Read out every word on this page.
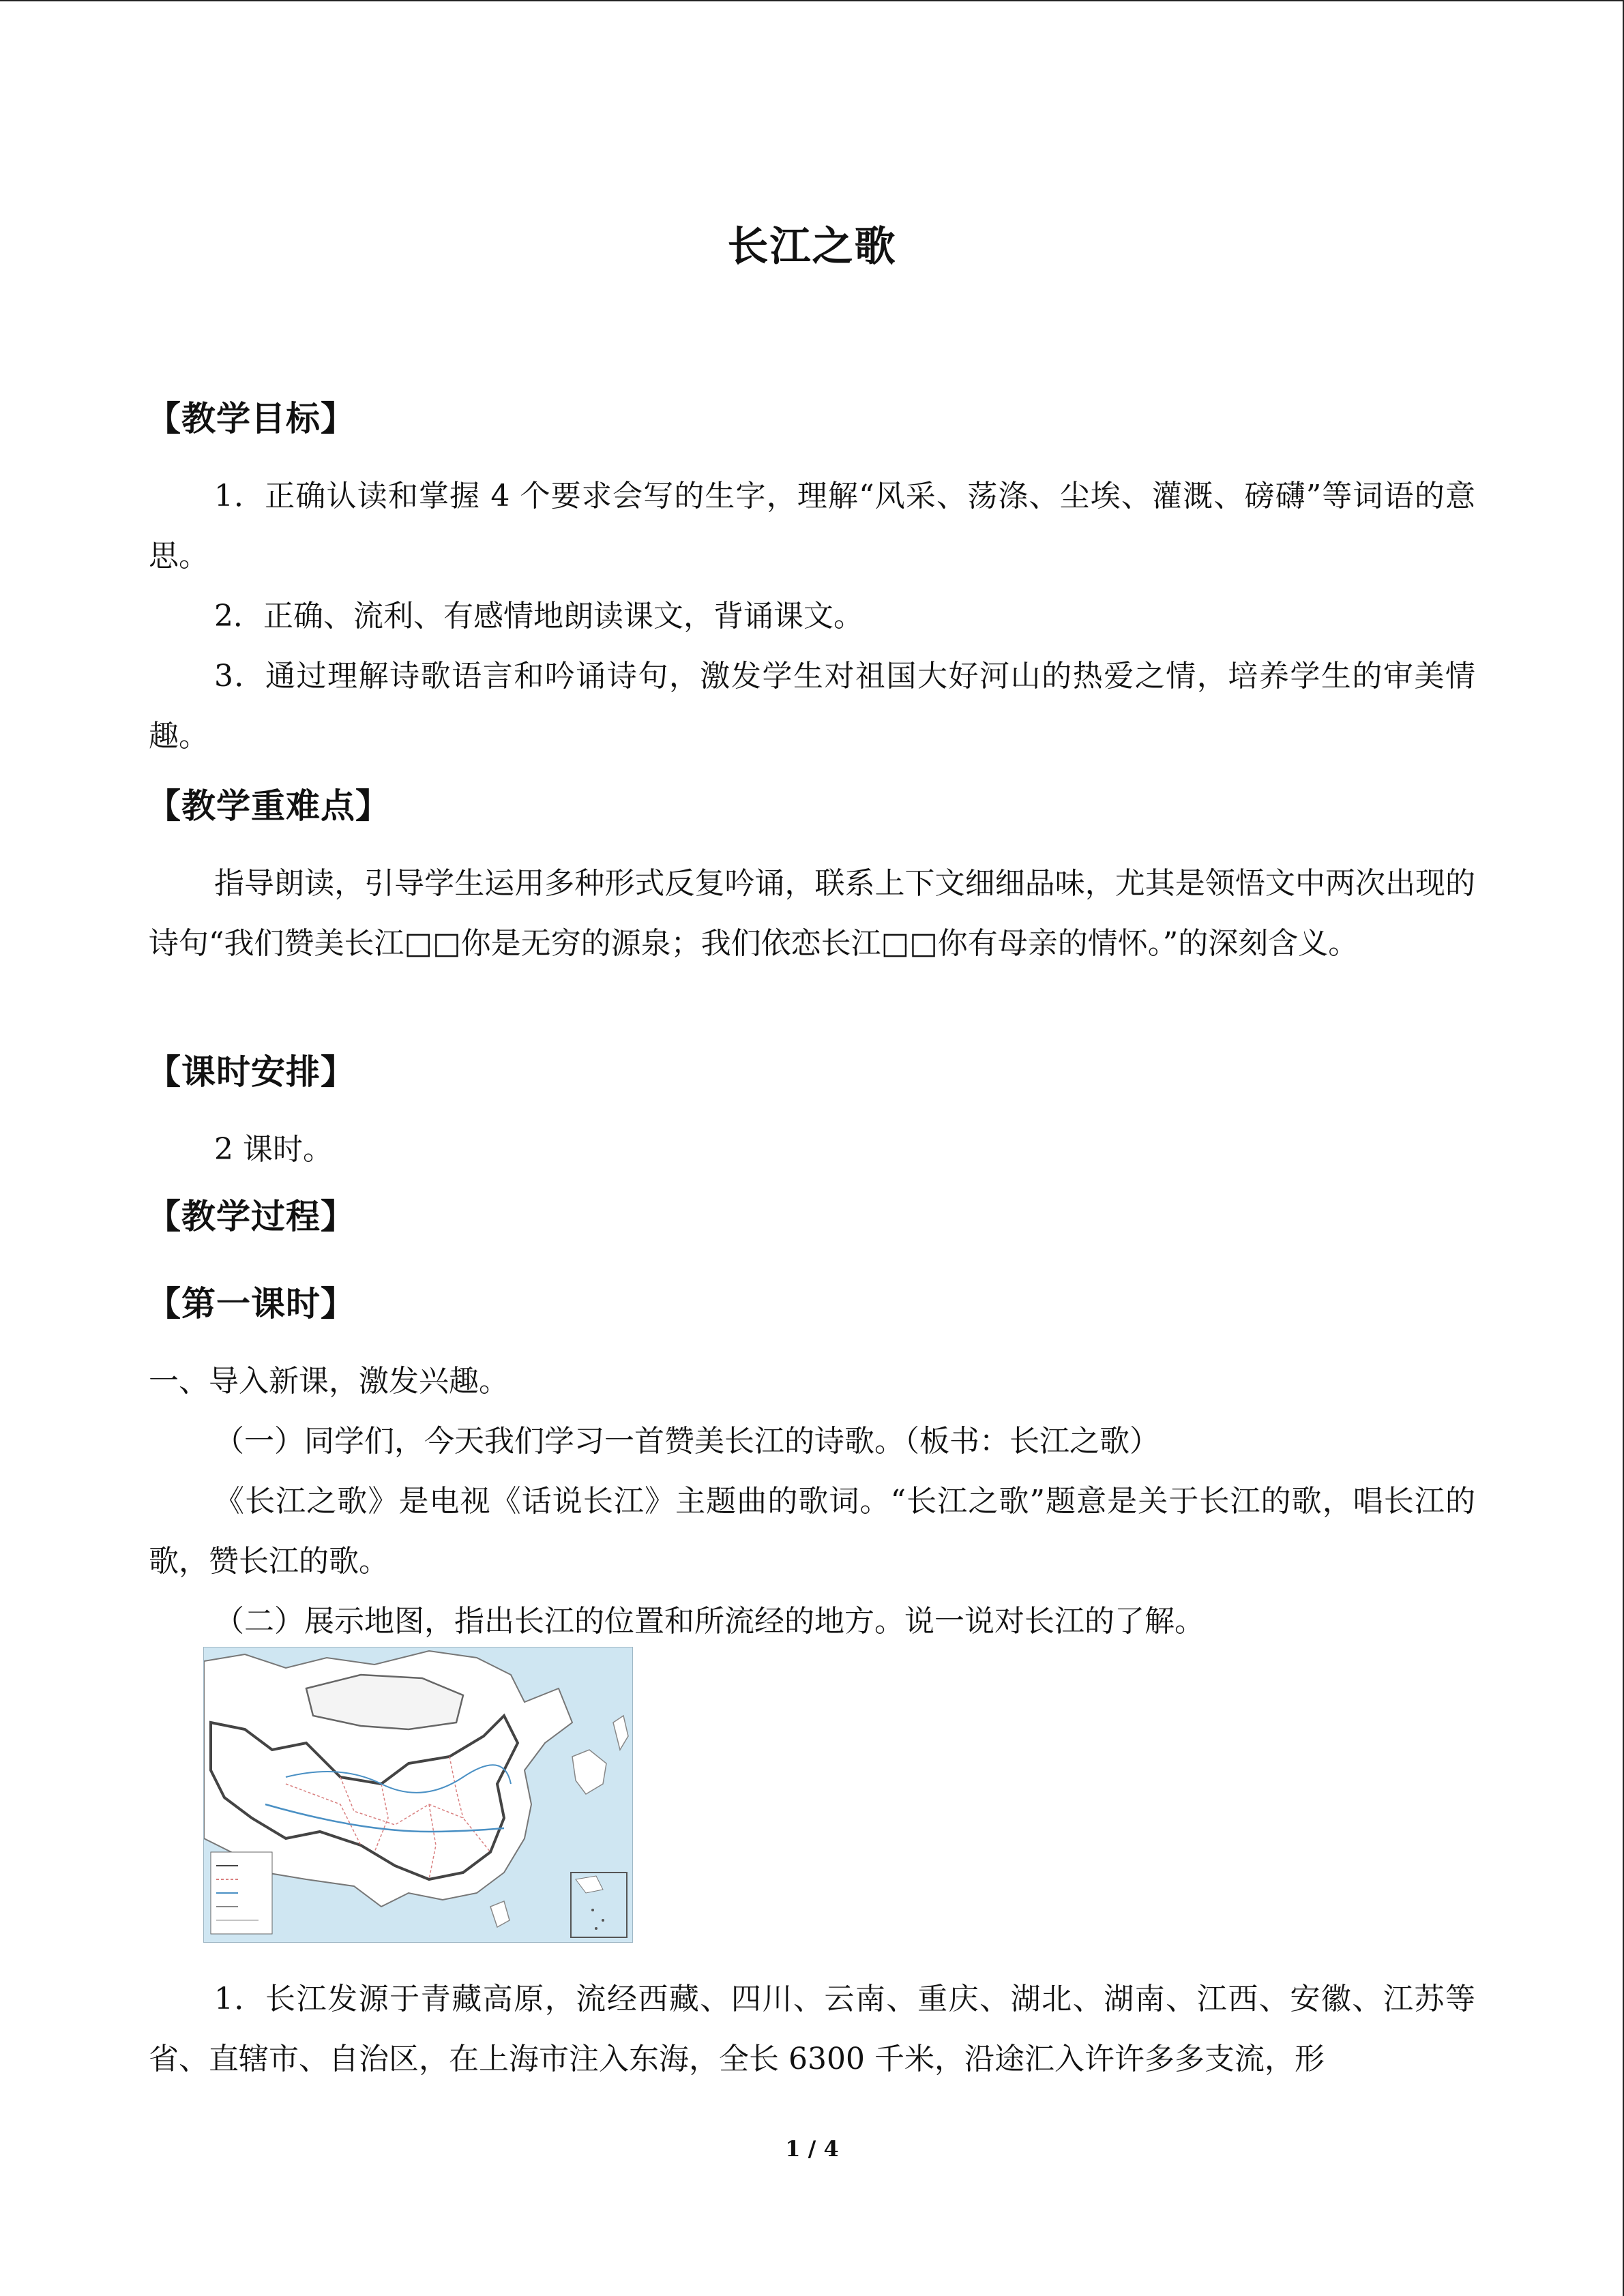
长江之歌
【教学目标】

1．正确认读和掌握 4 个要求会写的生字，理解“风采、荡涤、尘埃、灌溉、磅礴”等词语的意思。

2．正确、流利、有感情地朗读课文，背诵课文。

3．通过理解诗歌语言和吟诵诗句，激发学生对祖国大好河山的热爱之情，培养学生的审美情趣。

【教学重难点】

指导朗读，引导学生运用多种形式反复吟诵，联系上下文细细品味，尤其是领悟文中两次出现的诗句“我们赞美长江□□你是无穷的源泉；我们依恋长江□□你有母亲的情怀。”的深刻含义。

【课时安排】

2 课时。

【教学过程】
【第一课时】

一、导入新课，激发兴趣。

（一）同学们，今天我们学习一首赞美长江的诗歌。（板书：长江之歌）

《长江之歌》是电视《话说长江》主题曲的歌词。“长江之歌”题意是关于长江的歌，唱长江的歌，赞长江的歌。

（二）展示地图，指出长江的位置和所流经的地方。说一说对长江的了解。

1．长江发源于青藏高原，流经西藏、四川、云南、重庆、湖北、湖南、江西、安徽、江苏等省、直辖市、自治区，在上海市注入东海，全长 6300 千米，沿途汇入许许多多支流，形

1 / 4
